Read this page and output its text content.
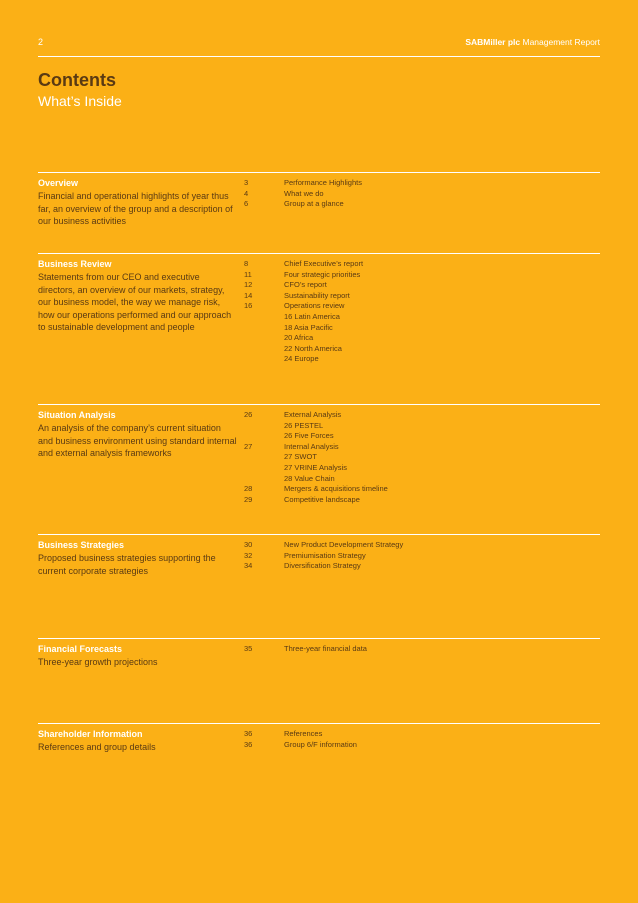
2	SABMiller plc Management Report
Contents
What’s Inside
Overview
Financial and operational highlights of year thus far, an overview of the group and a description of our business activities
3	Performance Highlights
4	What we do
6	Group at a glance
Business Review
Statements from our CEO and executive directors, an overview of our markets, strategy, our business model, the way we manage risk, how our operations performed and our approach to sustainable development and people
8	Chief Executive’s report
11	Four strategic priorities
12	CFO’s report
14	Sustainability report
16	Operations review
16 Latin America
18 Asia Pacific
20 Africa
22 North America
24 Europe
Situation Analysis
An analysis of the company’s current situation and business environment using standard internal and external analysis frameworks
26	External Analysis
26 PESTEL
26 Five Forces
27	Internal Analysis
27 SWOT
27 VRINE Analysis
28 Value Chain
28	Mergers & acquisitions timeline
29	Competitive landscape
Business Strategies
Proposed business strategies supporting the current corporate strategies
30	New Product Development Strategy
32	Premiumisation Strategy
34	Diversification Strategy
Financial Forecasts
Three-year growth projections
35	Three-year financial data
Shareholder Information
References and group details
36	References
36	Group 6/F information
